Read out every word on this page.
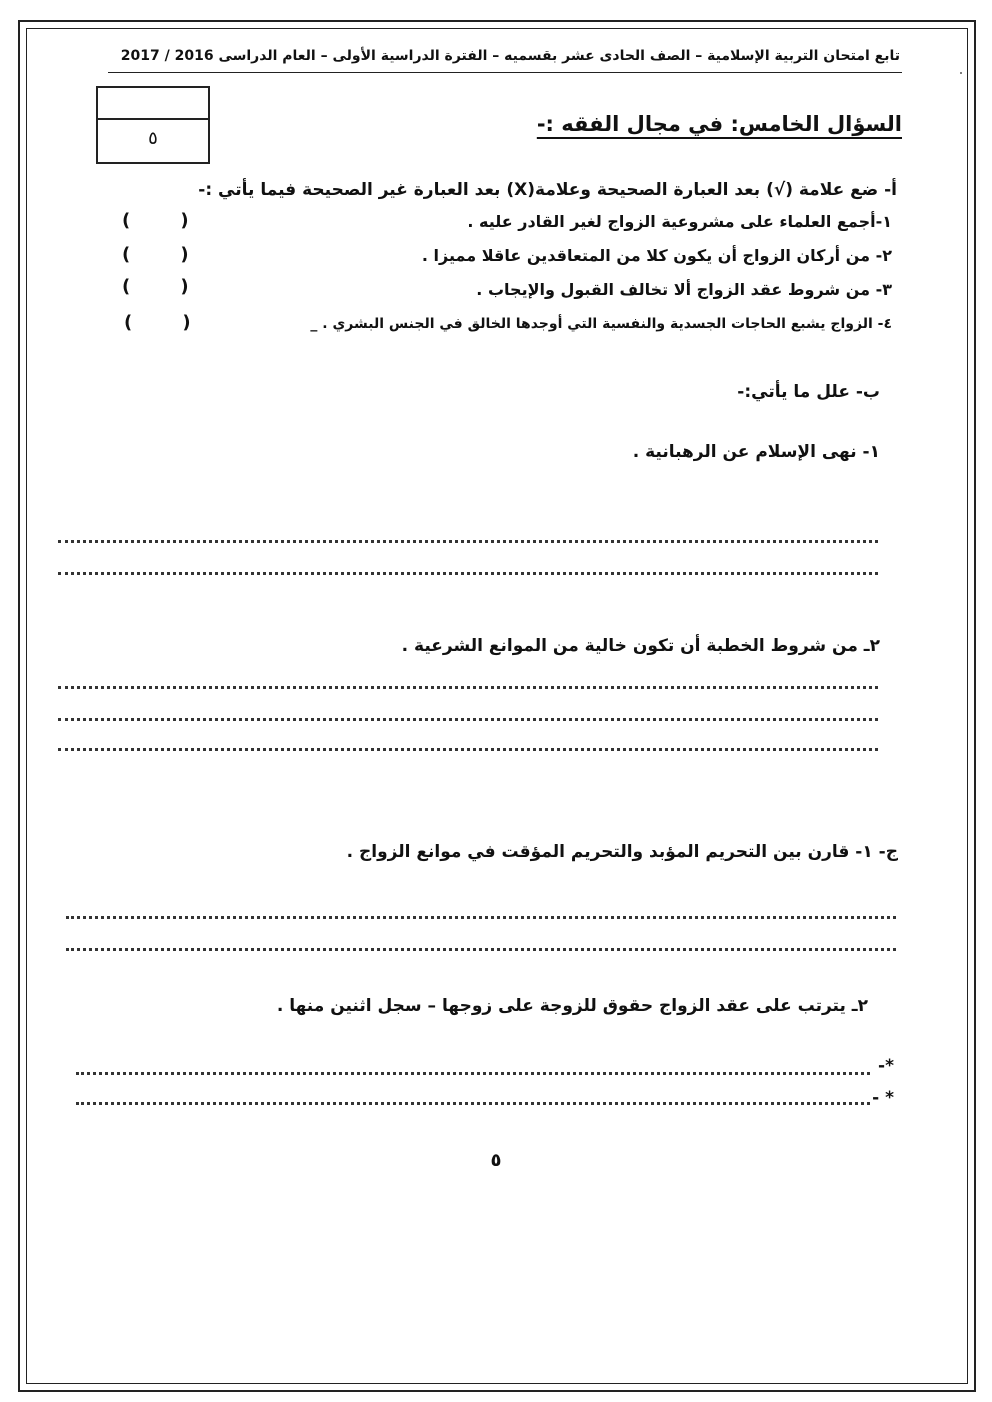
تابع امتحان التربية الإسلامية – الصف الحادى عشر بقسميه – الفترة الدراسية الأولى – العام الدراسى 2016 / 2017
٥
السؤال الخامس: في مجال الفقه :-
أ- ضع علامة (√) بعد العبارة الصحيحة وعلامة(X) بعد العبارة غير الصحيحة فيما يأتي :-
١-أجمع العلماء على مشروعية الزواج لغير القادر عليه .
(        )
٢- من أركان الزواج أن يكون كلا من المتعاقدين عاقلا مميزا .
(        )
٣- من شروط عقد الزواج ألا تخالف القبول والإيجاب .
(        )
٤- الزواج يشبع الحاجات الجسدية والنفسية التي أوجدها الخالق في الجنس البشري . _
(        )
ب- علل ما يأتي:-
١- نهى الإسلام عن الرهبانية .
٢ـ من شروط الخطبة أن تكون خالية من الموانع الشرعية .
ج- ١- قارن بين التحريم المؤبد والتحريم المؤقت في موانع الزواج .
٢ـ يترتب على عقد الزواج حقوق للزوجة على زوجها – سجل اثنين منها .
*-
* -
٥
